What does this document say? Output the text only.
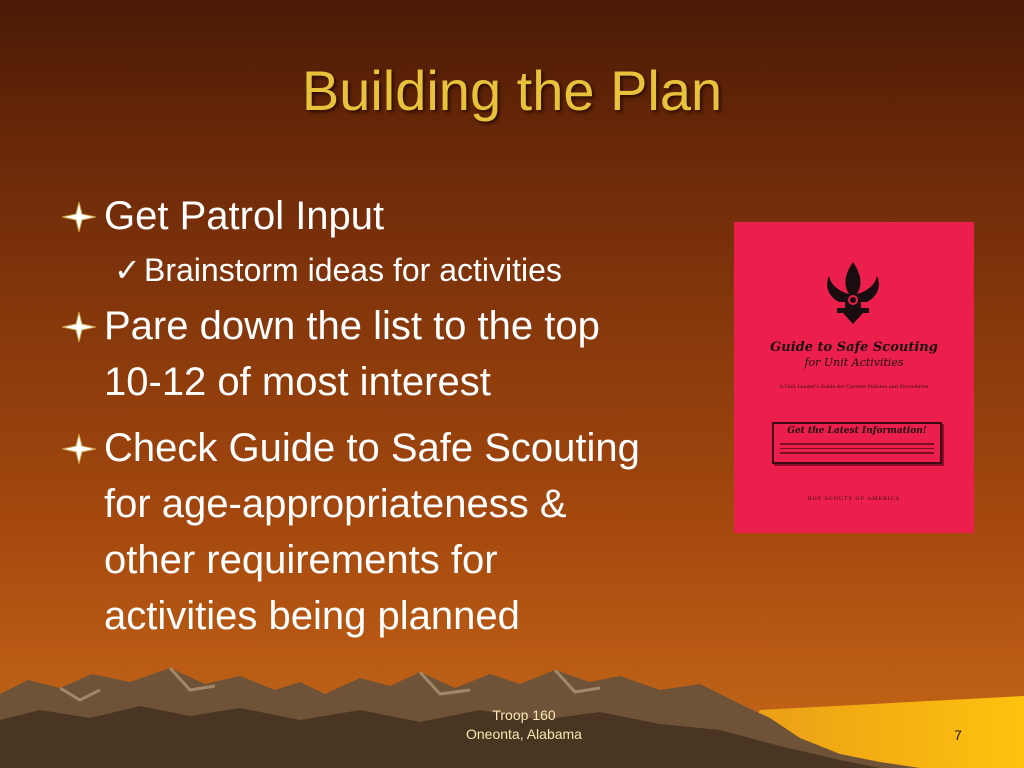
Building the Plan

Get Patrol Input

✓ Brainstorm ideas for activities

Pare down the list to the top
10-12 of most interest

Check Guide to Safe Scouting
for age-appropriateness &
other requirements for
activities being planned

Guide to Safe Scouting
for Unit Activities
A Unit Leader's Guide for Current Policies and Procedures
Get the Latest Information!
BOY SCOUTS OF AMERICA
Troop 160
Oneonta, Alabama	7
